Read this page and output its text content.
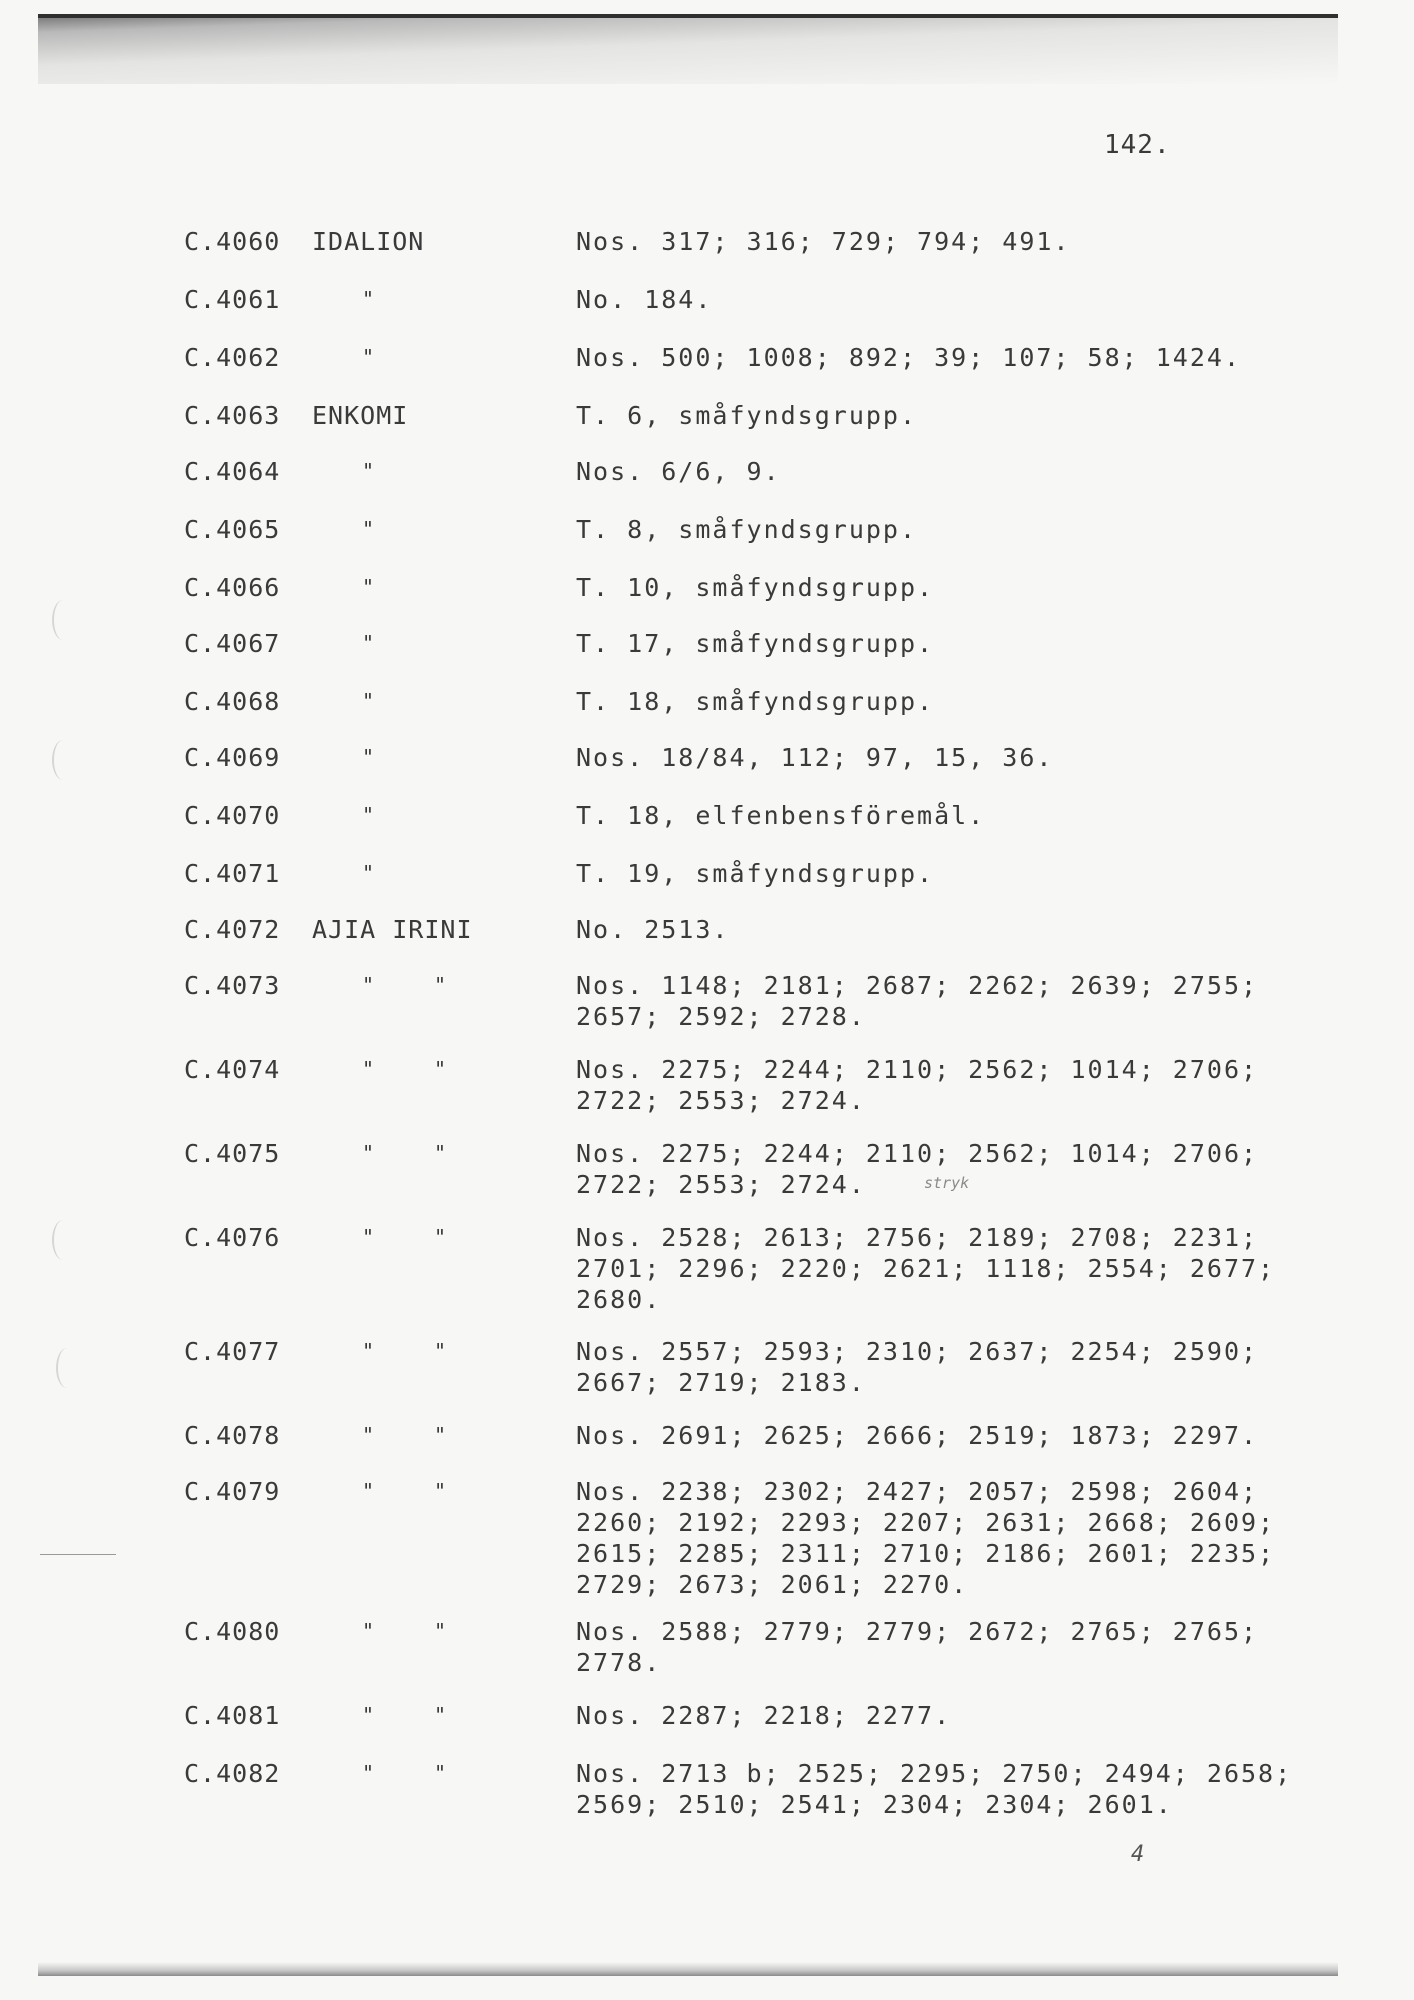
142.
C.4060 IDALION	Nos. 317; 316; 729; 794; 491.
C.4061	"	No. 184.
C.4062	"	Nos. 500; 1008; 892; 39; 107; 58; 1424.
C.4063 ENKOMI	T. 6, småfyndsgrupp.
C.4064	"	Nos. 6/6, 9.
C.4065	"	T. 8, småfyndsgrupp.
C.4066	"	T. 10, småfyndsgrupp.
C.4067	"	T. 17, småfyndsgrupp.
C.4068	"	T. 18, småfyndsgrupp.
C.4069	"	Nos. 18/84, 112; 97, 15, 36.
C.4070	"	T. 18, elfenbensföremål.
C.4071	"	T. 19, småfyndsgrupp.
C.4072 AJIA IRINI	No. 2513.
C.4073	"	"	Nos. 1148; 2181; 2687; 2262; 2639; 2755;
2657; 2592; 2728.
C.4074	"	"	Nos. 2275; 2244; 2110; 2562; 1014; 2706;
2722; 2553; 2724.
C.4075	"	"	Nos. 2275; 2244; 2110; 2562; 1014; 2706;
2722; 2553; 2724.
C.4076	"	"	Nos. 2528; 2613; 2756; 2189; 2708; 2231;
2701; 2296; 2220; 2621; 1118; 2554; 2677;
2680.
C.4077	"	"	Nos. 2557; 2593; 2310; 2637; 2254; 2590;
2667; 2719; 2183.
C.4078	"	"	Nos. 2691; 2625; 2666; 2519; 1873; 2297.
C.4079	"	"	Nos. 2238; 2302; 2427; 2057; 2598; 2604;
2260; 2192; 2293; 2207; 2631; 2668; 2609;
2615; 2285; 2311; 2710; 2186; 2601; 2235;
2729; 2673; 2061; 2270.
C.4080	"	"	Nos. 2588; 2779; 2779; 2672; 2765; 2765;
2778.
C.4081	"	"	Nos. 2287; 2218; 2277.
C.4082	"	"	Nos. 2713 b; 2525; 2295; 2750; 2494; 2658;
2569; 2510; 2541; 2304; 2304; 2601.
stryk
4
